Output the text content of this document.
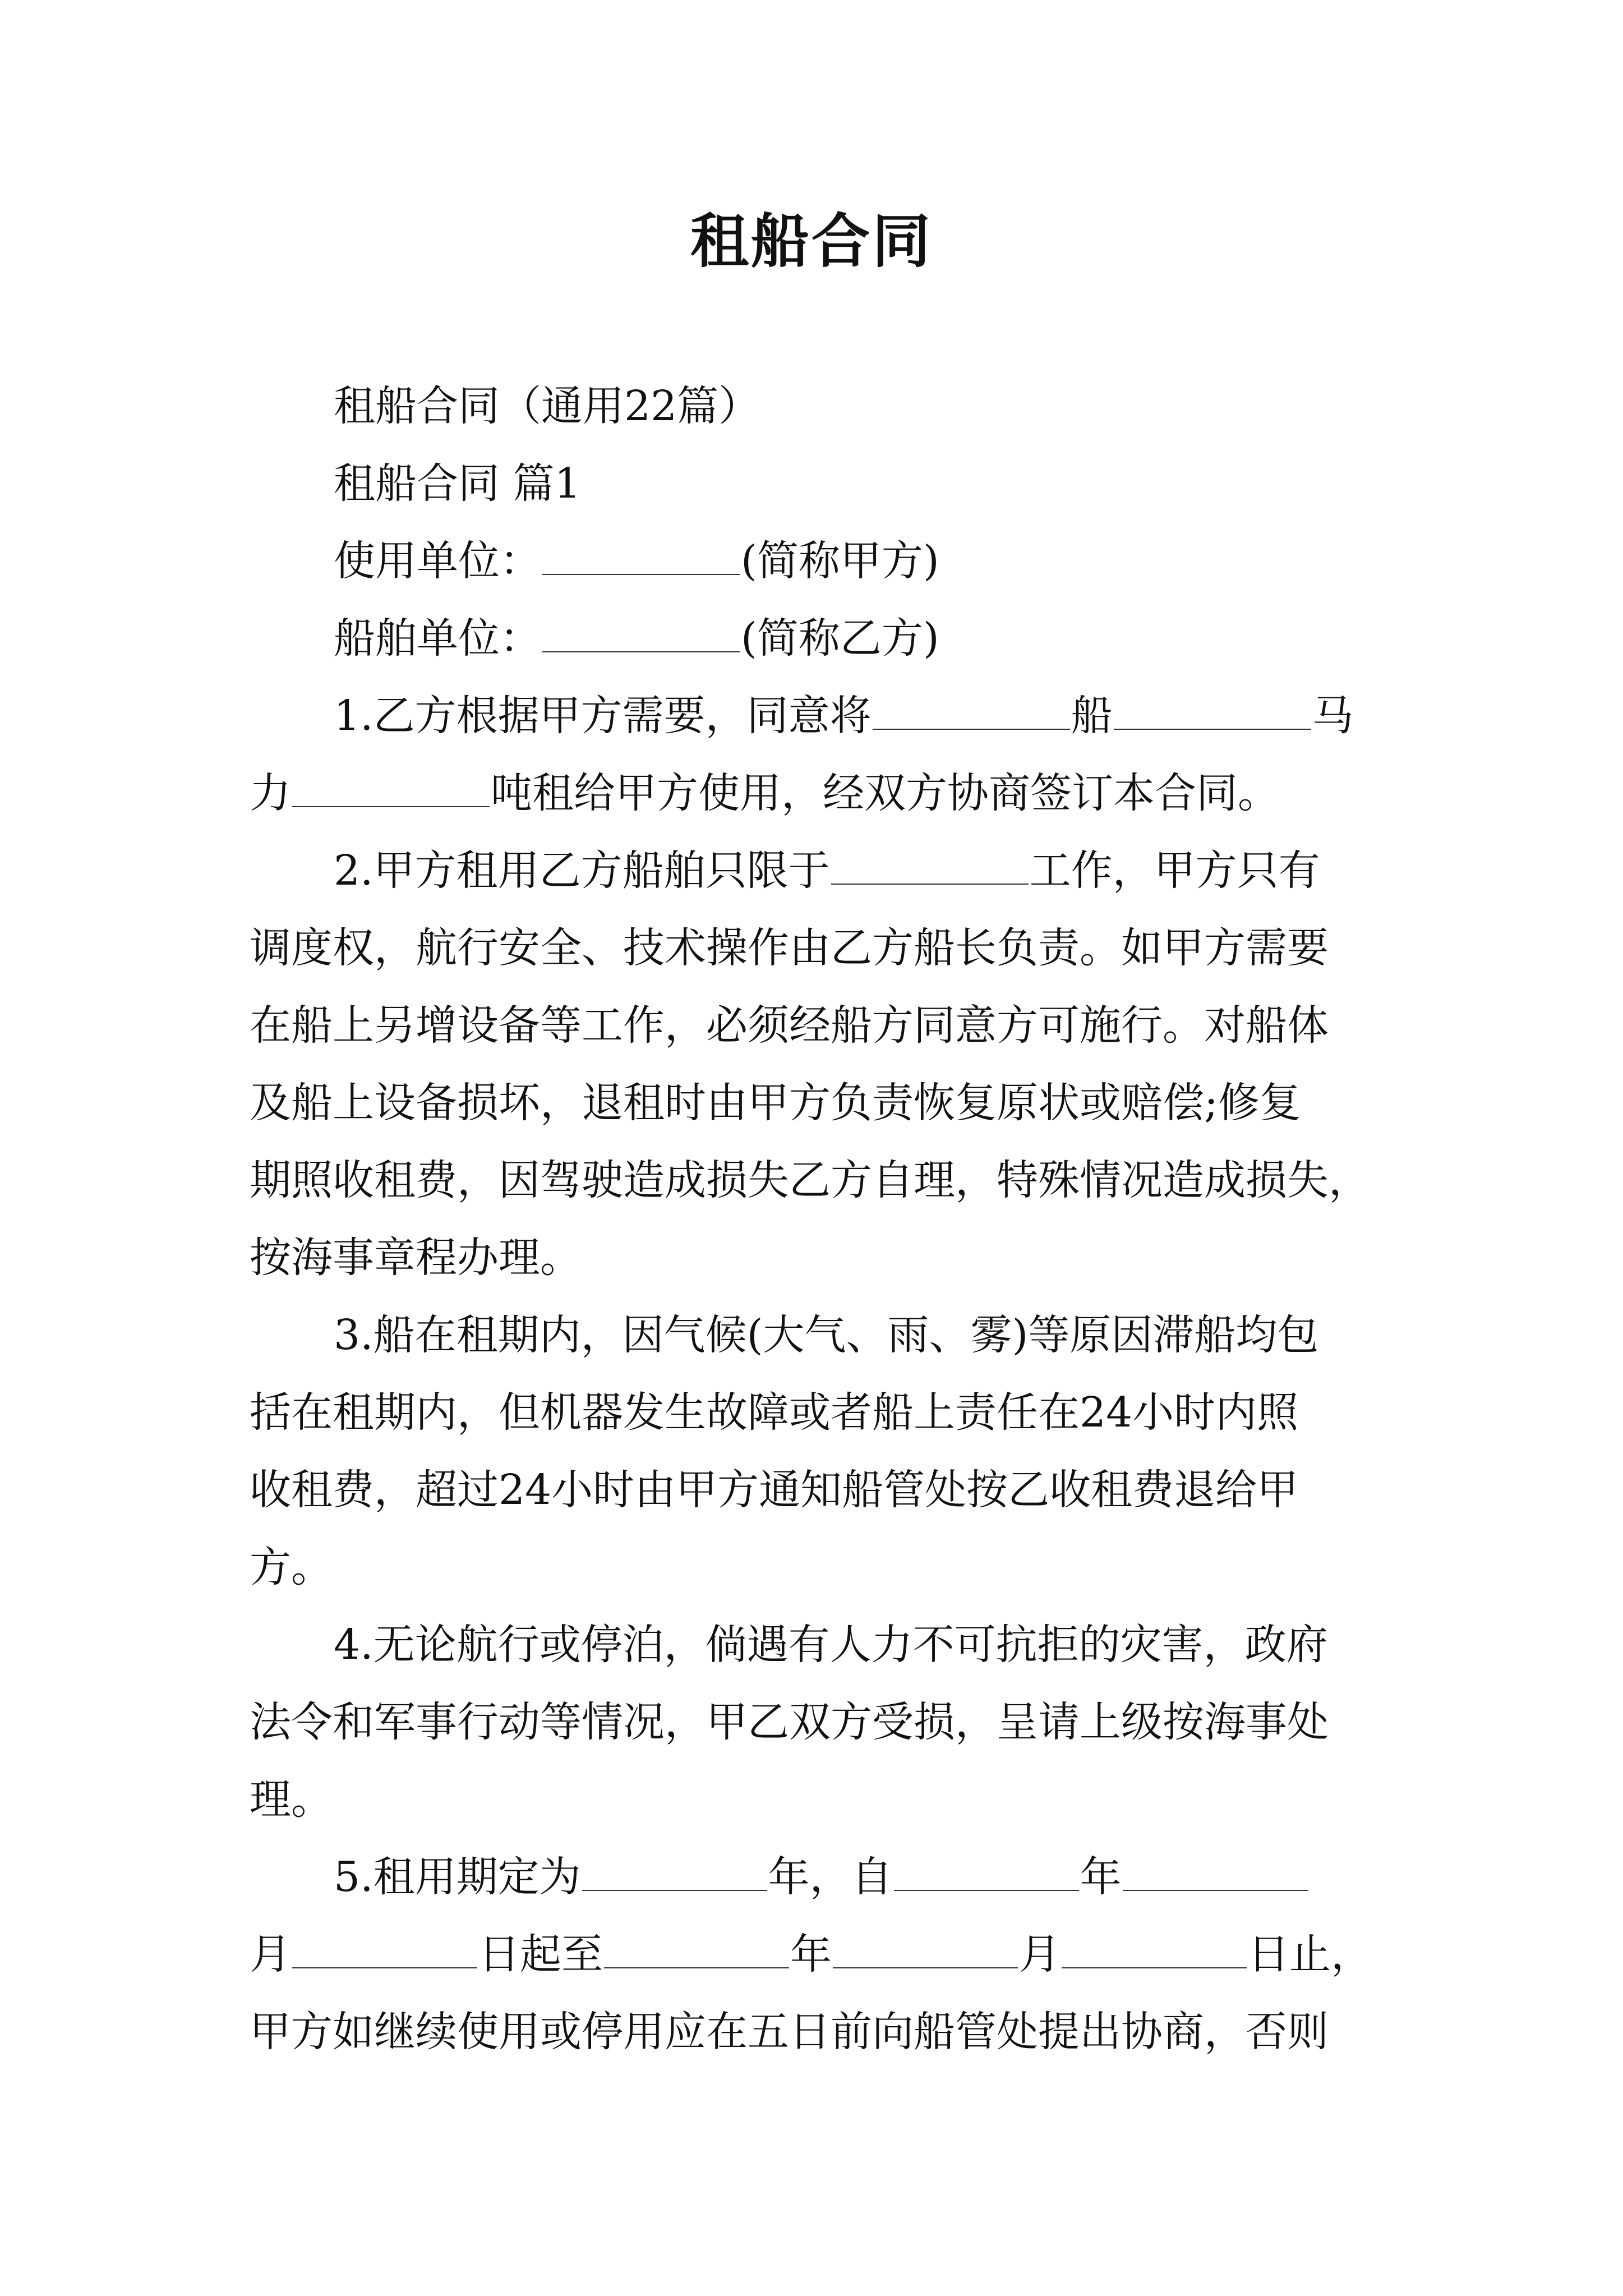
租船合同
租船合同（通用22篇）
租船合同 篇1
使用单位：	(简称甲方)
船舶单位：	(简称乙方)
1.乙方根据甲方需要，同意将	船	马
力	吨租给甲方使用，经双方协商签订本合同。
2.甲方租用乙方船舶只限于	工作，甲方只有
调度权，航行安全、技术操作由乙方船长负责。如甲方需要
在船上另增设备等工作，必须经船方同意方可施行。对船体
及船上设备损坏，退租时由甲方负责恢复原状或赔偿;修复
期照收租费，因驾驶造成损失乙方自理，特殊情况造成损失，
按海事章程办理。
3.船在租期内，因气候(大气、雨、雾)等原因滞船均包
括在租期内，但机器发生故障或者船上责任在24小时内照
收租费，超过24小时由甲方通知船管处按乙收租费退给甲
方。
4.无论航行或停泊，倘遇有人力不可抗拒的灾害，政府
法令和军事行动等情况，甲乙双方受损，呈请上级按海事处
理。
5.租用期定为	年，自	年
月	日起至	年	月	日止，
甲方如继续使用或停用应在五日前向船管处提出协商，否则
